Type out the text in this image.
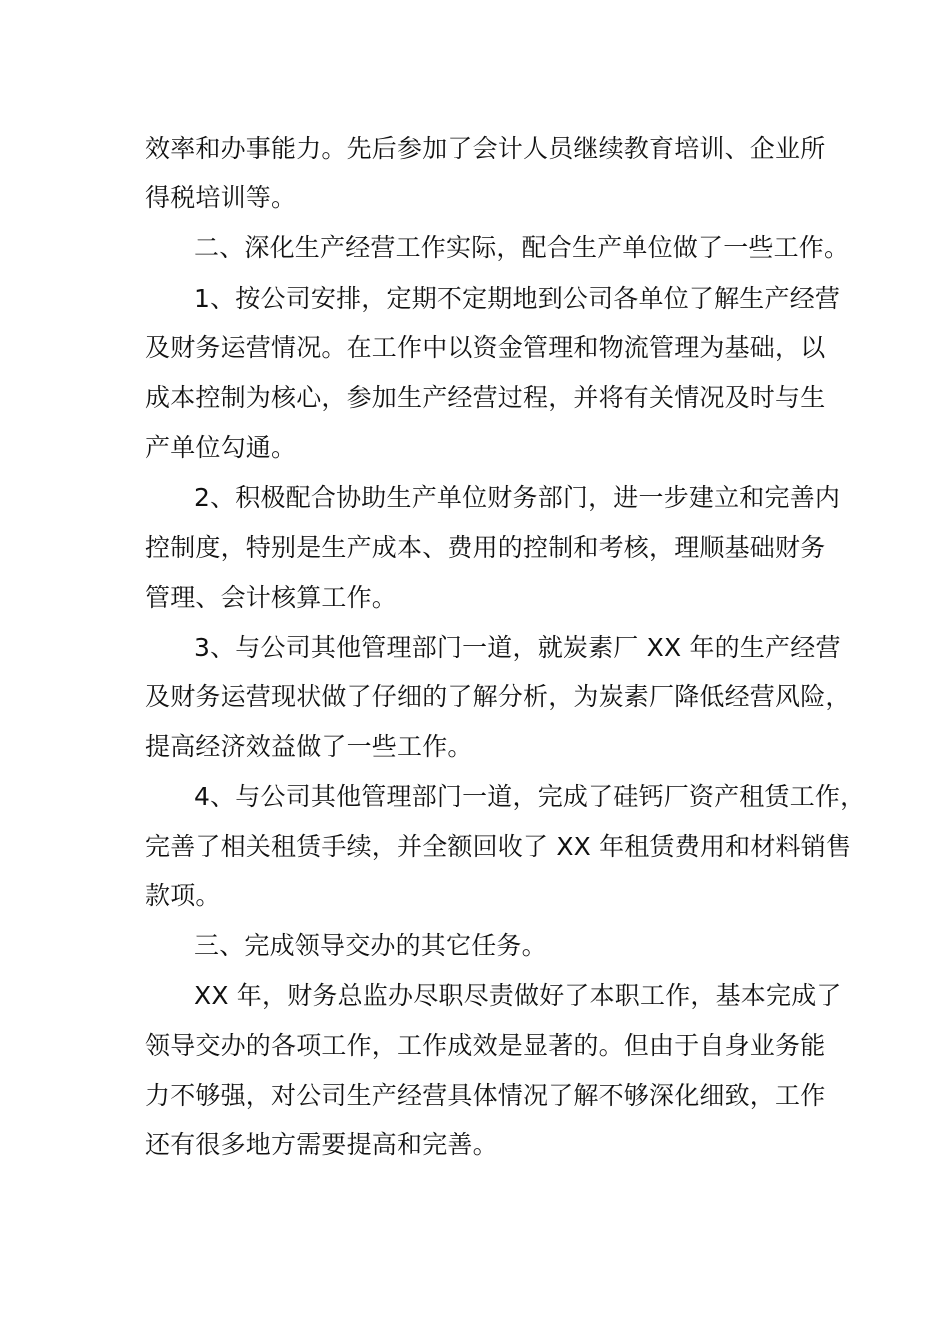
效率和办事能力。先后参加了会计人员继续教育培训、企业所
得税培训等。
二、深化生产经营工作实际，配合生产单位做了一些工作。
1、按公司安排，定期不定期地到公司各单位了解生产经营
及财务运营情况。在工作中以资金管理和物流管理为基础，以
成本控制为核心，参加生产经营过程，并将有关情况及时与生
产单位勾通。
2、积极配合协助生产单位财务部门，进一步建立和完善内
控制度，特别是生产成本、费用的控制和考核，理顺基础财务
管理、会计核算工作。
3、与公司其他管理部门一道，就炭素厂 XX 年的生产经营
及财务运营现状做了仔细的了解分析，为炭素厂降低经营风险，
提高经济效益做了一些工作。
4、与公司其他管理部门一道，完成了硅钙厂资产租赁工作，
完善了相关租赁手续，并全额回收了 XX 年租赁费用和材料销售
款项。
三、完成领导交办的其它任务。
XX 年，财务总监办尽职尽责做好了本职工作，基本完成了
领导交办的各项工作，工作成效是显著的。但由于自身业务能
力不够强，对公司生产经营具体情况了解不够深化细致，工作
还有很多地方需要提高和完善。
